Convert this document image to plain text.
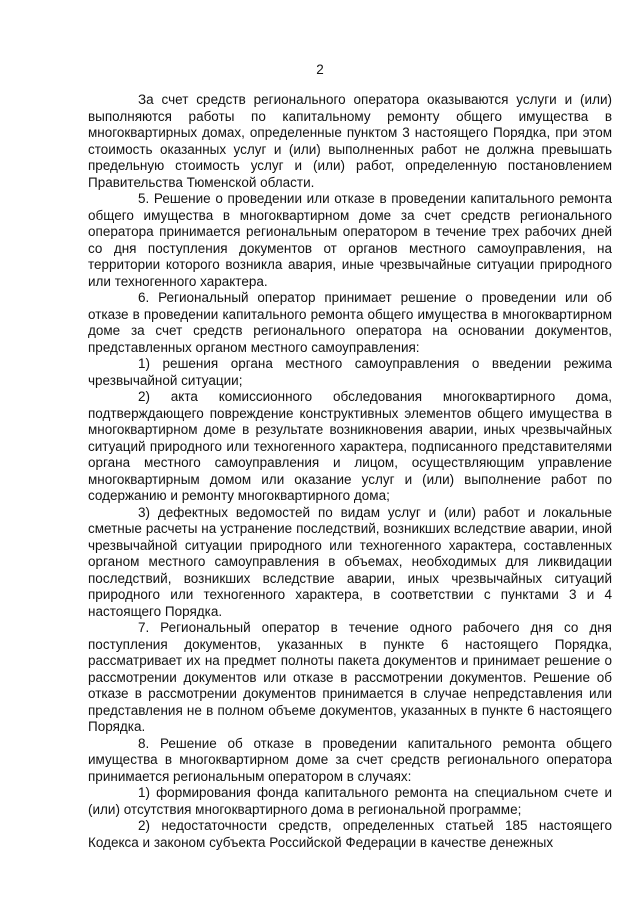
2

За счет средств регионального оператора оказываются услуги и (или) выполняются работы по капитальному ремонту общего имущества в многоквартирных домах, определенные пунктом 3 настоящего Порядка, при этом стоимость оказанных услуг и (или) выполненных работ не должна превышать предельную стоимость услуг и (или) работ, определенную постановлением Правительства Тюменской области.

5. Решение о проведении или отказе в проведении капитального ремонта общего имущества в многоквартирном доме за счет средств регионального оператора принимается региональным оператором в течение трех рабочих дней со дня поступления документов от органов местного самоуправления, на территории которого возникла авария, иные чрезвычайные ситуации природного или техногенного характера.

6. Региональный оператор принимает решение о проведении или об отказе в проведении капитального ремонта общего имущества в многоквартирном доме за счет средств регионального оператора на основании документов, представленных органом местного самоуправления:

1) решения органа местного самоуправления о введении режима чрезвычайной ситуации;

2) акта комиссионного обследования многоквартирного дома, подтверждающего повреждение конструктивных элементов общего имущества в многоквартирном доме в результате возникновения аварии, иных чрезвычайных ситуаций природного или техногенного характера, подписанного представителями органа местного самоуправления и лицом, осуществляющим управление многоквартирным домом или оказание услуг и (или) выполнение работ по содержанию и ремонту многоквартирного дома;

3) дефектных ведомостей по видам услуг и (или) работ и локальные сметные расчеты на устранение последствий, возникших вследствие аварии, иной чрезвычайной ситуации природного или техногенного характера, составленных органом местного самоуправления в объемах, необходимых для ликвидации последствий, возникших вследствие аварии, иных чрезвычайных ситуаций природного или техногенного характера, в соответствии с пунктами 3 и 4 настоящего Порядка.

7. Региональный оператор в течение одного рабочего дня со дня поступления документов, указанных в пункте 6 настоящего Порядка, рассматривает их на предмет полноты пакета документов и принимает решение о рассмотрении документов или отказе в рассмотрении документов. Решение об отказе в рассмотрении документов принимается в случае непредставления или представления не в полном объеме документов, указанных в пункте 6 настоящего Порядка.

8. Решение об отказе в проведении капитального ремонта общего имущества в многоквартирном доме за счет средств регионального оператора принимается региональным оператором в случаях:

1) формирования фонда капитального ремонта на специальном счете и (или) отсутствия многоквартирного дома в региональной программе;

2) недостаточности средств, определенных статьей 185 настоящего Кодекса и законом субъекта Российской Федерации в качестве денежных
